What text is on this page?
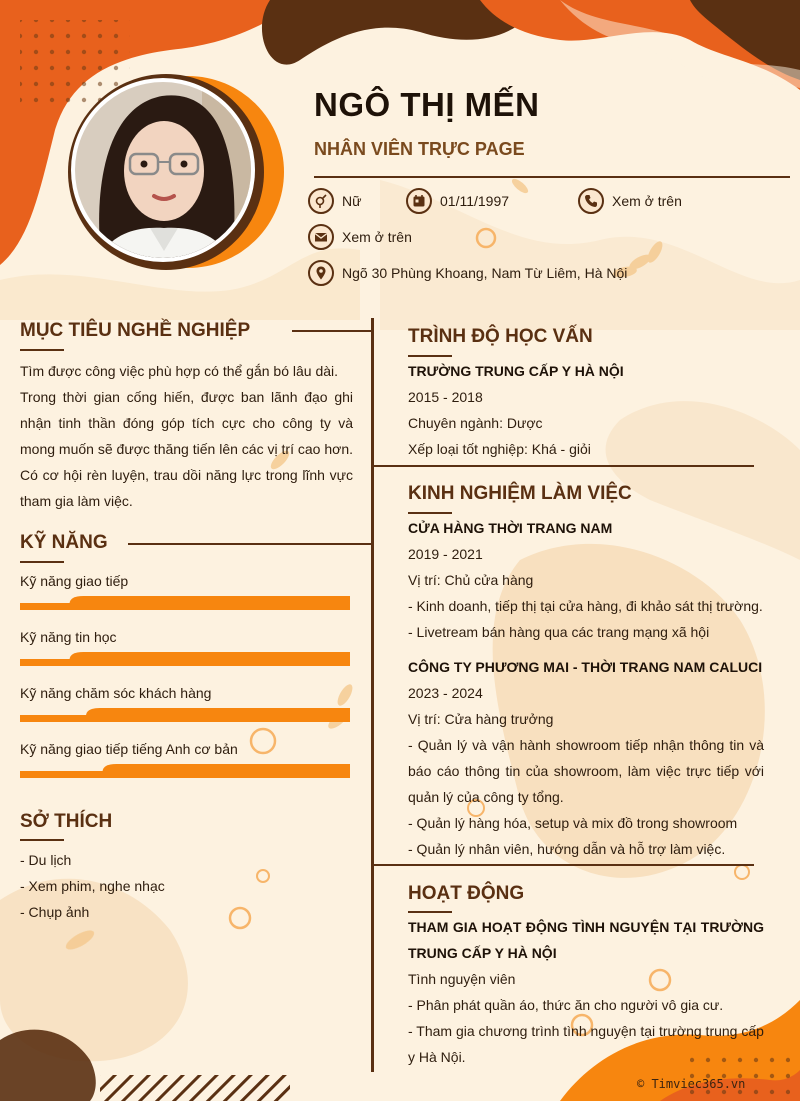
NGÔ THỊ MẾN
NHÂN VIÊN TRỰC PAGE
Nữ	01/11/1997	Xem ở trên
Xem ở trên
Ngõ 30 Phùng Khoang, Nam Từ Liêm, Hà Nội
MỤC TIÊU NGHỀ NGHIỆP
Tìm được công việc phù hợp có thể gắn bó lâu dài.
Trong thời gian cống hiến, được ban lãnh đạo ghi
nhận tinh thần đóng góp tích cực cho công ty và
mong muốn sẽ được thăng tiến lên các vị trí cao hơn.
Có cơ hội rèn luyện, trau dồi năng lực trong lĩnh vực
tham gia làm việc.
KỸ NĂNG
Kỹ năng giao tiếp
Kỹ năng tin học
Kỹ năng chăm sóc khách hàng
Kỹ năng giao tiếp tiếng Anh cơ bản
SỞ THÍCH
- Du lịch
- Xem phim, nghe nhạc
- Chụp ảnh
TRÌNH ĐỘ HỌC VẤN
TRƯỜNG TRUNG CẤP Y HÀ NỘI
2015 - 2018
Chuyên ngành: Dược
Xếp loại tốt nghiệp: Khá - giỏi
KINH NGHIỆM LÀM VIỆC
CỬA HÀNG THỜI TRANG NAM
2019 - 2021
Vị trí: Chủ cửa hàng
- Kinh doanh, tiếp thị tại cửa hàng, đi khảo sát thị trường.
- Livetream bán hàng qua các trang mạng xã hội
CÔNG TY PHƯƠNG MAI - THỜI TRANG NAM CALUCI
2023 - 2024
Vị trí: Cửa hàng trưởng
- Quản lý và vận hành showroom tiếp nhận thông tin và
báo cáo thông tin của showroom, làm việc trực tiếp với
quản lý của công ty tổng.
- Quản lý hàng hóa, setup và mix đồ trong showroom
- Quản lý nhân viên, hướng dẫn và hỗ trợ làm việc.
HOẠT ĐỘNG
THAM GIA HOẠT ĐỘNG TÌNH NGUYỆN TẠI TRƯỜNG
TRUNG CẤP Y HÀ NỘI
Tình nguyện viên
- Phân phát quần áo, thức ăn cho người vô gia cư.
- Tham gia chương trình tình nguyện tại trường trung cấp
y Hà Nội.
© Timviec365.vn
